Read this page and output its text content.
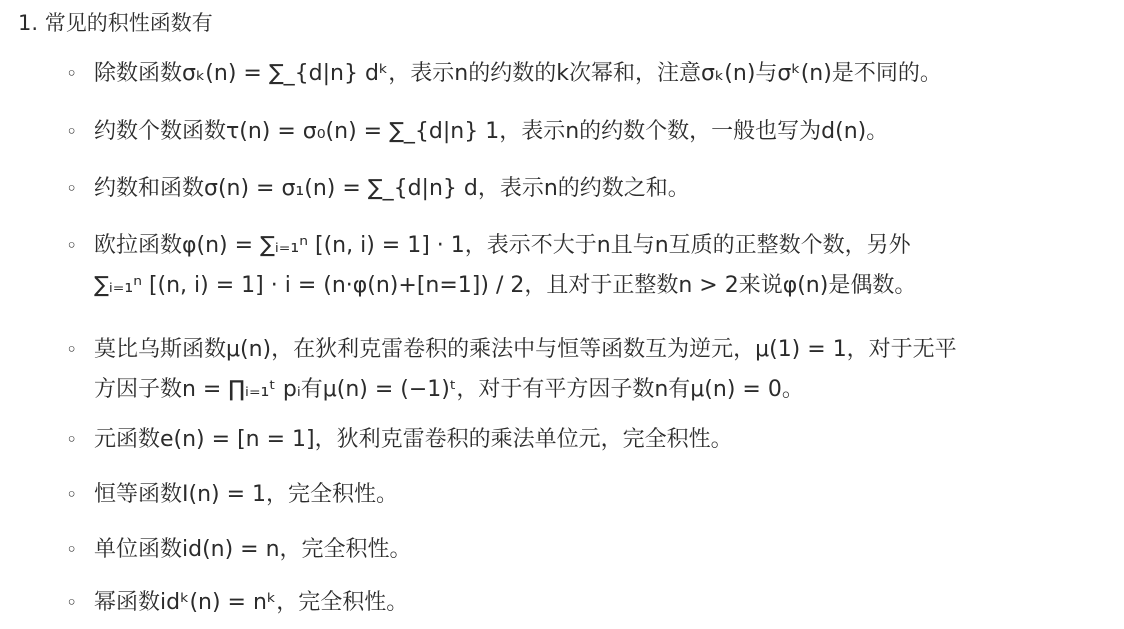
1. 常见的积性函数有
◦ 除数函数σₖ(n) = ∑_{d|n} dᵏ，表示n的约数的k次幂和，注意σₖ(n)与σᵏ(n)是不同的。
◦ 约数个数函数τ(n) = σ₀(n) = ∑_{d|n} 1，表示n的约数个数，一般也写为d(n)。
◦ 约数和函数σ(n) = σ₁(n) = ∑_{d|n} d，表示n的约数之和。
◦ 欧拉函数φ(n) = ∑ᵢ₌₁ⁿ [(n, i) = 1] · 1，表示不大于n且与n互质的正整数个数，另外
∑ᵢ₌₁ⁿ [(n, i) = 1] · i = (n·φ(n)+[n=1]) / 2，且对于正整数n > 2来说φ(n)是偶数。
◦ 莫比乌斯函数μ(n)，在狄利克雷卷积的乘法中与恒等函数互为逆元，μ(1) = 1，对于无平
方因子数n = ∏ᵢ₌₁ᵗ pᵢ有μ(n) = (−1)ᵗ，对于有平方因子数n有μ(n) = 0。
◦ 元函数e(n) = [n = 1]，狄利克雷卷积的乘法单位元，完全积性。
◦ 恒等函数I(n) = 1，完全积性。
◦ 单位函数id(n) = n，完全积性。
◦ 幂函数idᵏ(n) = nᵏ，完全积性。
